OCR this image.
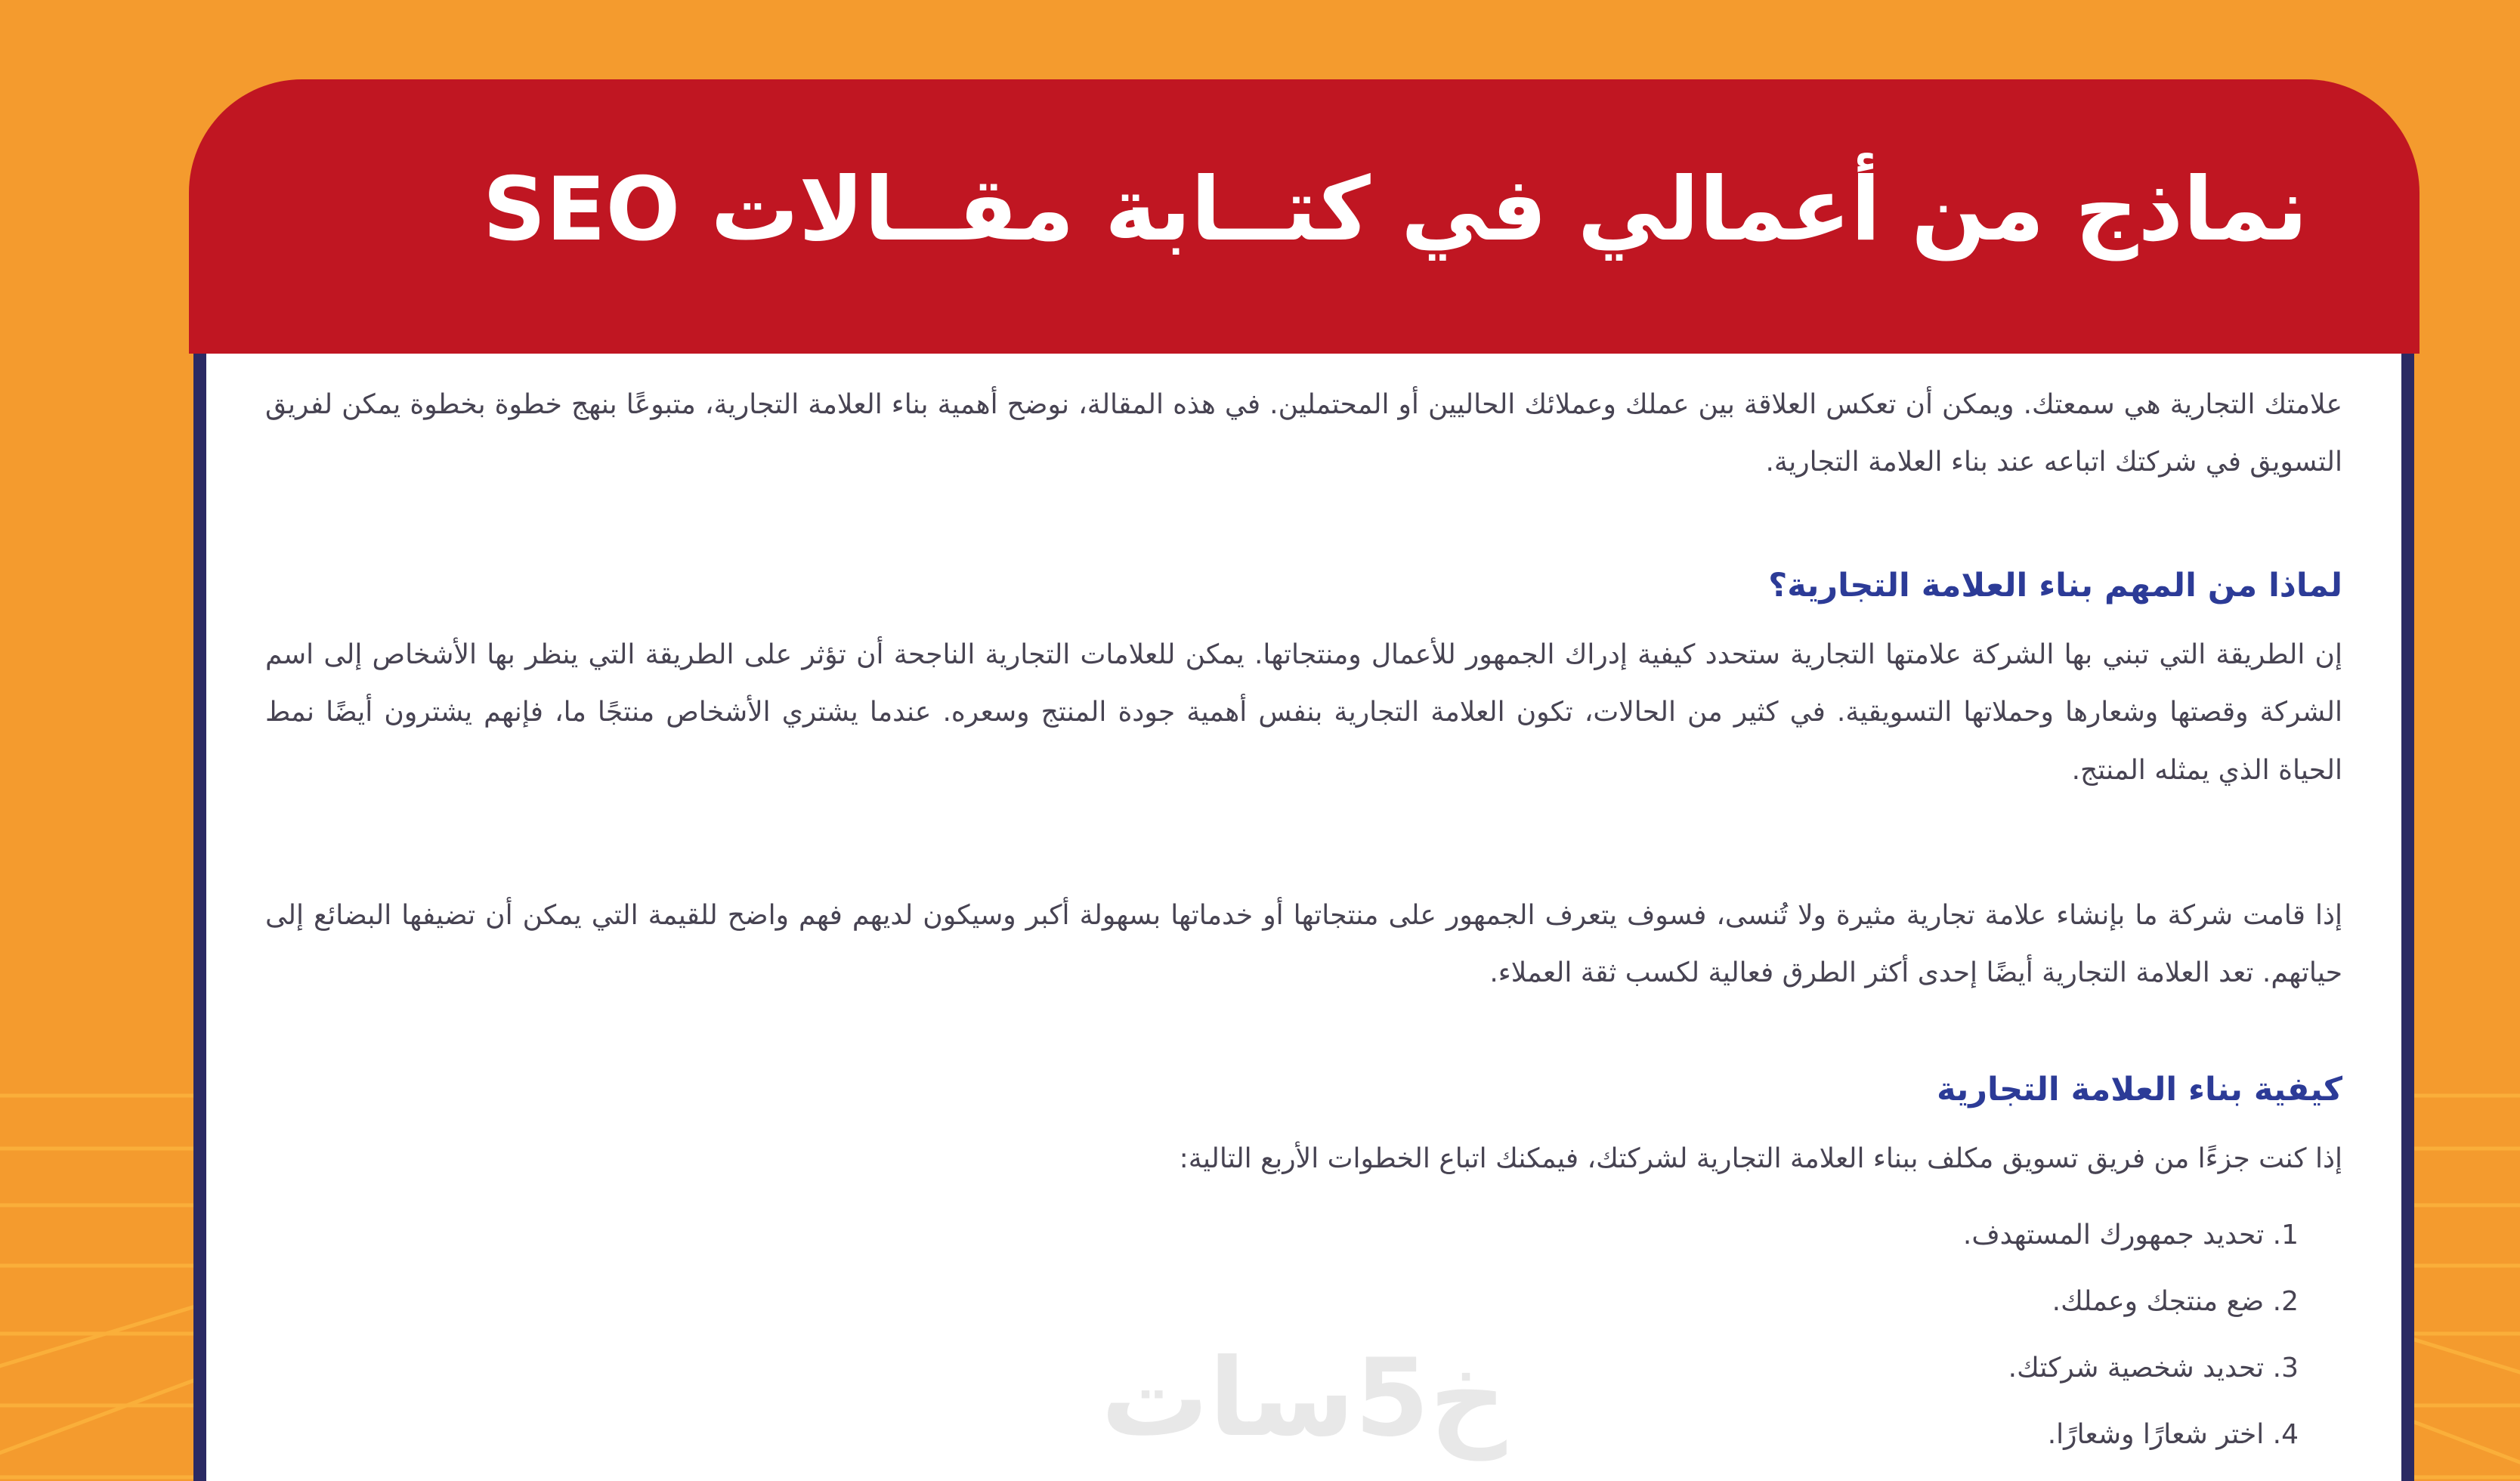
نماذج من أعمالي في كتــابة مقــالات SEO

علامتك التجارية هي سمعتك. ويمكن أن تعكس العلاقة بين عملك وعملائك الحاليين أو المحتملين. في هذه المقالة، نوضح أهمية بناء العلامة التجارية، متبوعًا بنهج خطوة بخطوة يمكن لفريق التسويق في شركتك اتباعه عند بناء العلامة التجارية.

لماذا من المهم بناء العلامة التجارية؟

إن الطريقة التي تبني بها الشركة علامتها التجارية ستحدد كيفية إدراك الجمهور للأعمال ومنتجاتها. يمكن للعلامات التجارية الناجحة أن تؤثر على الطريقة التي ينظر بها الأشخاص إلى اسم الشركة وقصتها وشعارها وحملاتها التسويقية. في كثير من الحالات، تكون العلامة التجارية بنفس أهمية جودة المنتج وسعره. عندما يشتري الأشخاص منتجًا ما، فإنهم يشترون أيضًا نمط الحياة الذي يمثله المنتج.

إذا قامت شركة ما بإنشاء علامة تجارية مثيرة ولا تُنسى، فسوف يتعرف الجمهور على منتجاتها أو خدماتها بسهولة أكبر وسيكون لديهم فهم واضح للقيمة التي يمكن أن تضيفها البضائع إلى حياتهم. تعد العلامة التجارية أيضًا إحدى أكثر الطرق فعالية لكسب ثقة العملاء.

كيفية بناء العلامة التجارية

إذا كنت جزءًا من فريق تسويق مكلف ببناء العلامة التجارية لشركتك، فيمكنك اتباع الخطوات الأربع التالية:

1. تحديد جمهورك المستهدف.
2. ضع منتجك وعملك.
3. تحديد شخصية شركتك.
4. اختر شعارًا وشعارًا.
خ5سات
